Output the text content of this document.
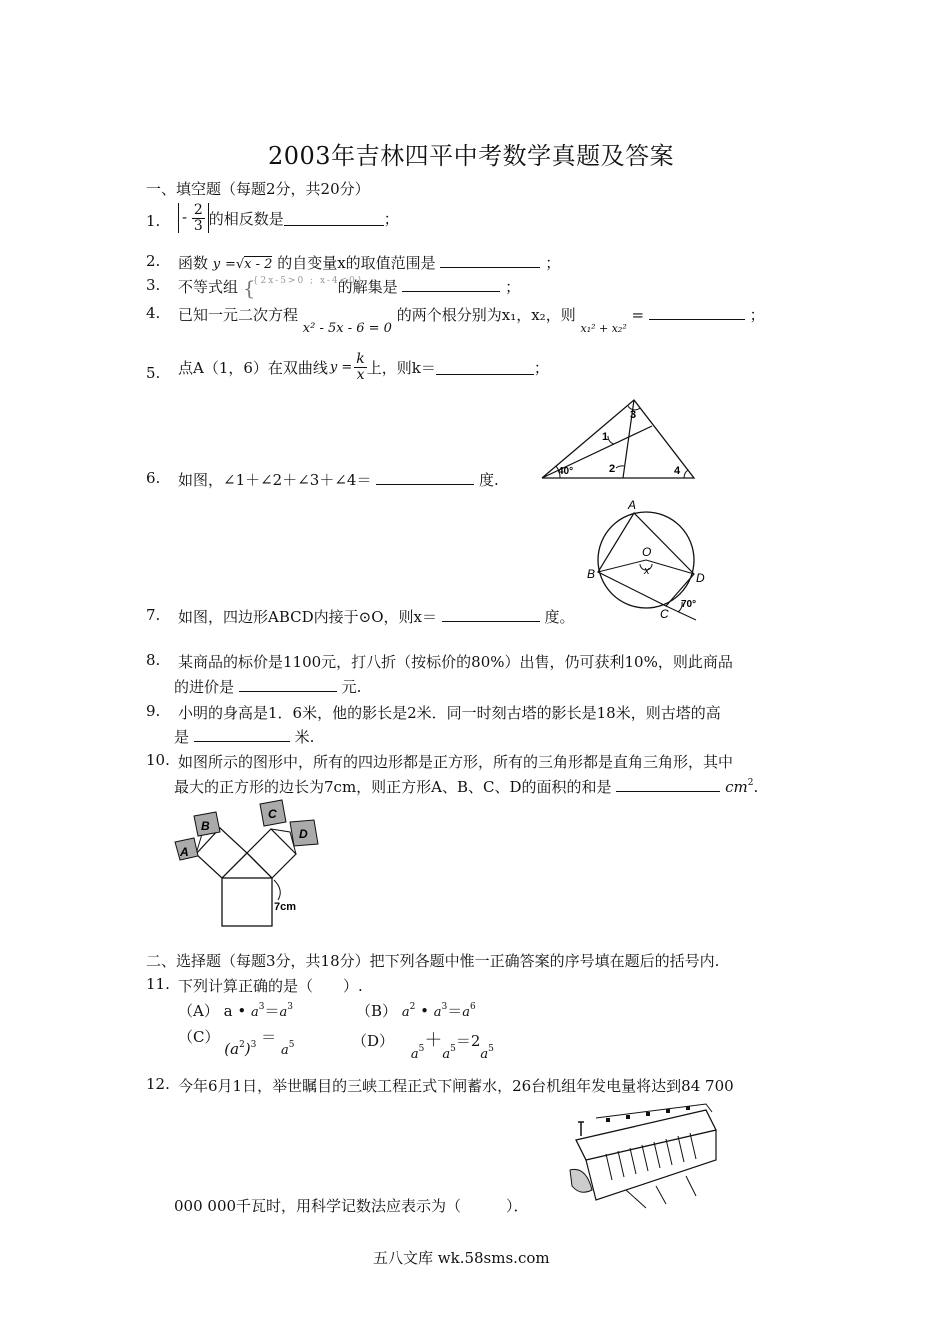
2003年吉林四平中考数学真题及答案
一、填空题（每题2分，共20分）
1. - $\frac{2}{3}$ 的相反数是	；
2. 函数 y =√x - 2 的自变量x的取值范围是	；
3. 不等式组 {
{2x-5>0 ; x-4<0}
的解集是	；
4. 已知一元二次方程 x² - 5x - 6 = 0 的两个根分别为x₁，x₂，则 $_{x_1^2 + x_2^2}$ =	；
5. 点A（1，6）在双曲线 $y = \frac{k}{x}$ 上，则k＝	；
40°
1
2
3
4
6. 如图，∠1＋∠2＋∠3＋∠4＝	度.
A
B
C
D
O
x
70°
7. 如图，四边形ABCD内接于⊙O，则x＝	度。
8. 某商品的标价是1100元，打八折（按标价的80%）出售，仍可获利10%，则此商品
的进价是	元.
9. 小明的身高是1．6米，他的影长是2米．同一时刻古塔的影长是18米，则古塔的高
是	米.
10. 如图所示的图形中，所有的四边形都是正方形，所有的三角形都是直角三角形，其中
最大的正方形的边长为7cm，则正方形A、B、C、D的面积的和是	$cm^2$.
A
B
C
D
7cm
二、选择题（每题3分，共18分）把下列各题中惟一正确答案的序号填在题后的括号内.
11. 下列计算正确的是（　　）.
（A） a • $a^3=a^3$	（B） $a^2$ • $a^3=a^6$
（C） $(a^2)^3 = a_5$	（D） $a_5+a_5=2a_5$
12. 今年6月1日，举世瞩目的三峡工程正式下闸蓄水，26台机组年发电量将达到84 700
000 000千瓦时，用科学记数法应表示为（　　　）．
五八文库 wk.58sms.com
